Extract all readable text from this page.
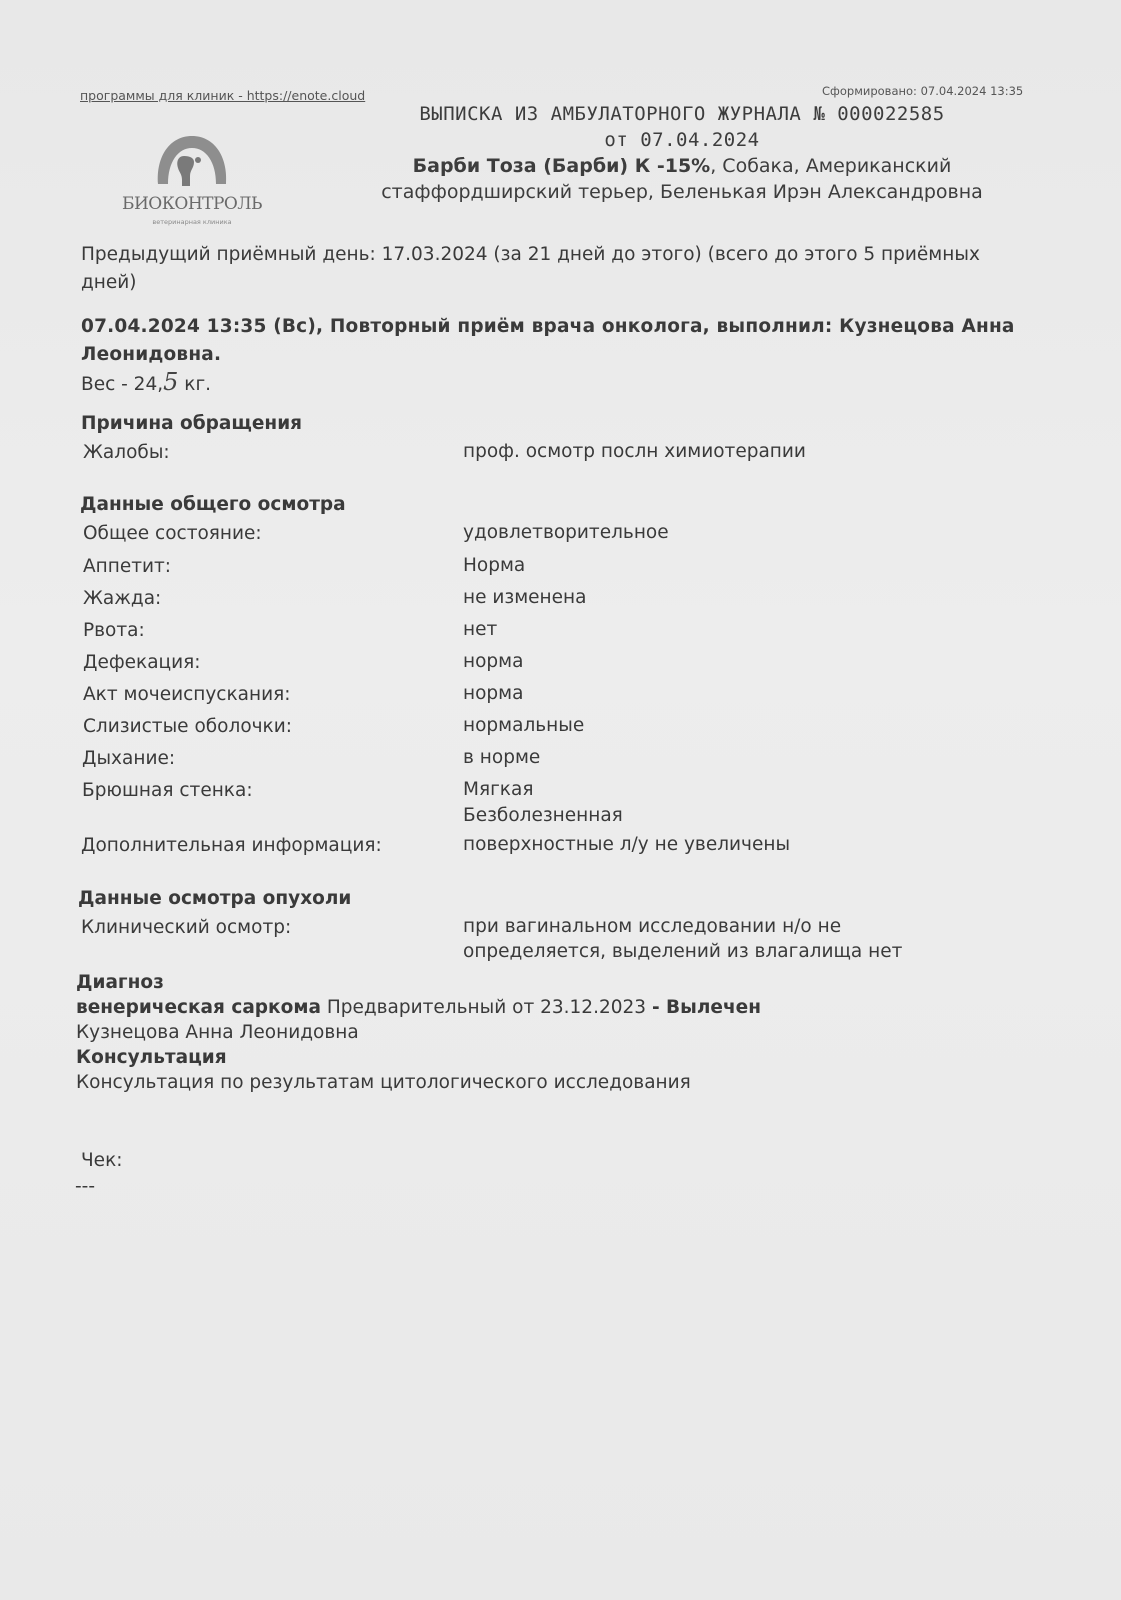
программы для клиник - https://enote.cloud	Сформировано: 07.04.2024 13:35
БИОКОНТРОЛЬ
ветеринарная клиника
ВЫПИСКА ИЗ АМБУЛАТОРНОГО ЖУРНАЛА № 000022585
от 07.04.2024
Барби Тоза (Барби) К -15%, Собака, Американский
стаффордширский терьер, Беленькая Ирэн Александровна
Предыдущий приёмный день: 17.03.2024 (за 21 дней до этого) (всего до этого 5 приёмных дней)
07.04.2024 13:35 (Вс), Повторный приём врача онколога, выполнил: Кузнецова Анна Леонидовна.
Вес - 24,5 кг.
Причина обращения
Жалобы:	проф. осмотр послн химиотерапии
Данные общего осмотра
Общее состояние:	удовлетворительное
Аппетит:	Норма
Жажда:	не изменена
Рвота:	нет
Дефекация:	норма
Акт мочеиспускания:	норма
Слизистые оболочки:	нормальные
Дыхание:	в норме
Брюшная стенка:	Мягкая
Безболезненная
Дополнительная информация:	поверхностные л/у не увеличены
Данные осмотра опухоли
Клинический осмотр:	при вагинальном исследовании н/о не
определяется, выделений из влагалища нет
Диагноз
венерическая саркома Предварительный от 23.12.2023 - Вылечен
Кузнецова Анна Леонидовна
Консультация
Консультация по результатам цитологического исследования
Чек:
---
